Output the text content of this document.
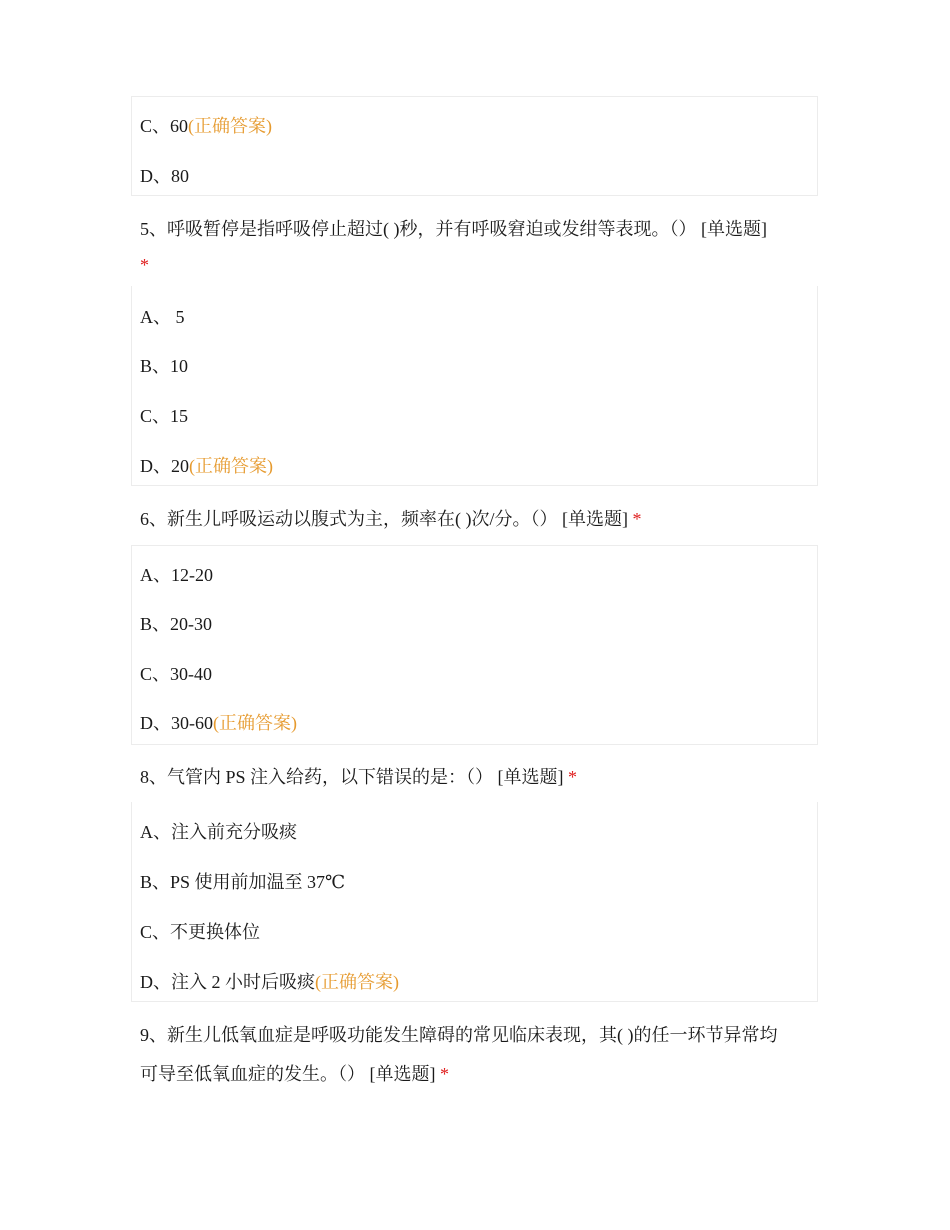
C、60(正确答案)
D、80
5、呼吸暂停是指呼吸停止超过( )秒，并有呼吸窘迫或发绀等表现。（） [单选题]
*
A、 5
B、10
C、15
D、20(正确答案)
6、新生儿呼吸运动以腹式为主，频率在( )次/分。（） [单选题] *
A、12-20
B、20-30
C、30-40
D、30-60(正确答案)
8、气管内 PS 注入给药，以下错误的是：（） [单选题] *
A、注入前充分吸痰
B、PS 使用前加温至 37℃
C、不更换体位
D、注入 2 小时后吸痰(正确答案)
9、新生儿低氧血症是呼吸功能发生障碍的常见临床表现，其( )的任一环节异常均
可导至低氧血症的发生。（） [单选题] *
